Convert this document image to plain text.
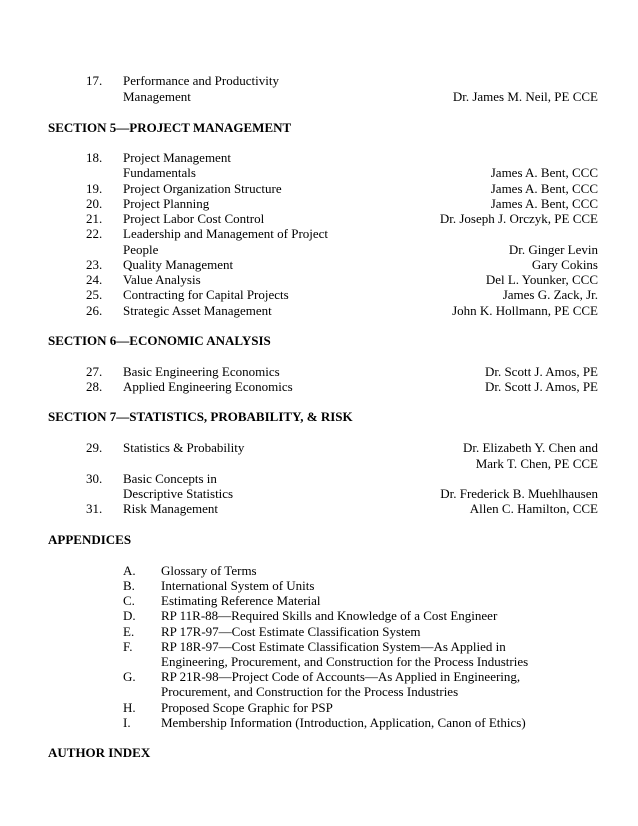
17. Performance and Productivity
Management	Dr. James M. Neil, PE CCE
SECTION 5—PROJECT MANAGEMENT
18. Project Management
Fundamentals	James A. Bent, CCC
19. Project Organization Structure	James A. Bent, CCC
20. Project Planning	James A. Bent, CCC
21. Project Labor Cost Control	Dr. Joseph J. Orczyk, PE CCE
22. Leadership and Management of Project
People	Dr. Ginger Levin
23. Quality Management	Gary Cokins
24. Value Analysis	Del L. Younker, CCC
25. Contracting for Capital Projects	James G. Zack, Jr.
26. Strategic Asset Management	John K. Hollmann, PE CCE
SECTION 6—ECONOMIC ANALYSIS
27. Basic Engineering Economics	Dr. Scott J. Amos, PE
28. Applied Engineering Economics	Dr. Scott J. Amos, PE
SECTION 7—STATISTICS, PROBABILITY, & RISK
29. Statistics & Probability	Dr. Elizabeth Y. Chen and
Mark T. Chen, PE CCE
30. Basic Concepts in
Descriptive Statistics	Dr. Frederick B. Muehlhausen
31. Risk Management	Allen C. Hamilton, CCE
APPENDICES
A. Glossary of Terms
B. International System of Units
C. Estimating Reference Material
D. RP 11R-88—Required Skills and Knowledge of a Cost Engineer
E. RP 17R-97—Cost Estimate Classification System
F. RP 18R-97—Cost Estimate Classification System—As Applied in
Engineering, Procurement, and Construction for the Process Industries
G. RP 21R-98—Project Code of Accounts—As Applied in Engineering,
Procurement, and Construction for the Process Industries
H. Proposed Scope Graphic for PSP
I. Membership Information (Introduction, Application, Canon of Ethics)
AUTHOR INDEX
